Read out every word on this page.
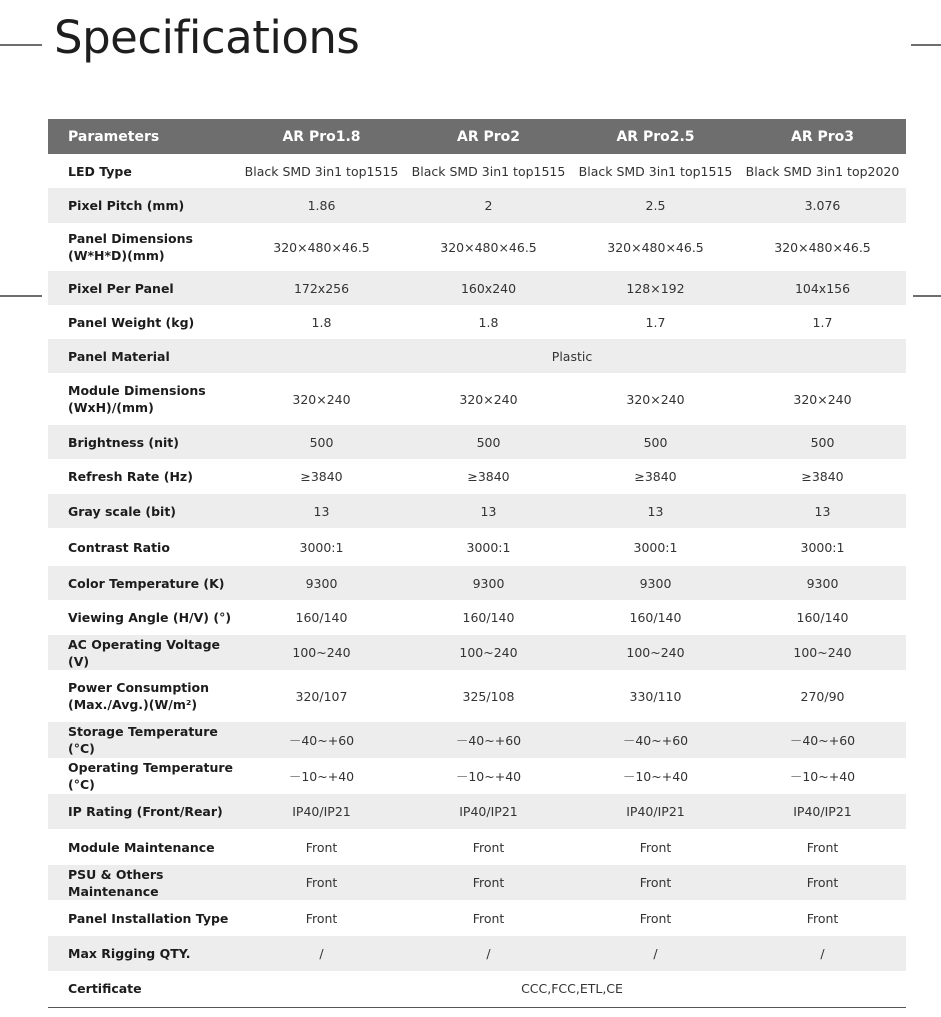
Specifications
Parameters	AR Pro1.8	AR Pro2	AR Pro2.5	AR Pro3
LED Type	Black SMD 3in1 top1515	Black SMD 3in1 top1515	Black SMD 3in1 top1515	Black SMD 3in1 top2020
Pixel Pitch (mm)	1.86	2	2.5	3.076
Panel Dimensions (W*H*D)(mm)	320×480×46.5	320×480×46.5	320×480×46.5	320×480×46.5
Pixel Per Panel	172x256	160x240	128×192	104x156
Panel Weight (kg)	1.8	1.8	1.7	1.7
Panel Material	Plastic			
Module Dimensions (WxH)/(mm)	320×240	320×240	320×240	320×240
Brightness (nit)	500	500	500	500
Refresh Rate (Hz)	≥3840	≥3840	≥3840	≥3840
Gray scale (bit)	13	13	13	13
Contrast Ratio	3000:1	3000:1	3000:1	3000:1
Color Temperature (K)	9300	9300	9300	9300
Viewing Angle (H/V) (°)	160/140	160/140	160/140	160/140
AC Operating Voltage (V)	100~240	100~240	100~240	100~240
Power Consumption (Max./Avg.)(W/m²)	320/107	325/108	330/110	270/90
Storage Temperature (°C)	－40~+60	－40~+60	－40~+60	－40~+60
Operating Temperature (°C)	－10~+40	－10~+40	－10~+40	－10~+40
IP Rating (Front/Rear)	IP40/IP21	IP40/IP21	IP40/IP21	IP40/IP21
Module Maintenance	Front	Front	Front	Front
PSU & Others Maintenance	Front	Front	Front	Front
Panel Installation Type	Front	Front	Front	Front
Max Rigging QTY.	/	/	/	/
Certificate	CCC,FCC,ETL,CE			
